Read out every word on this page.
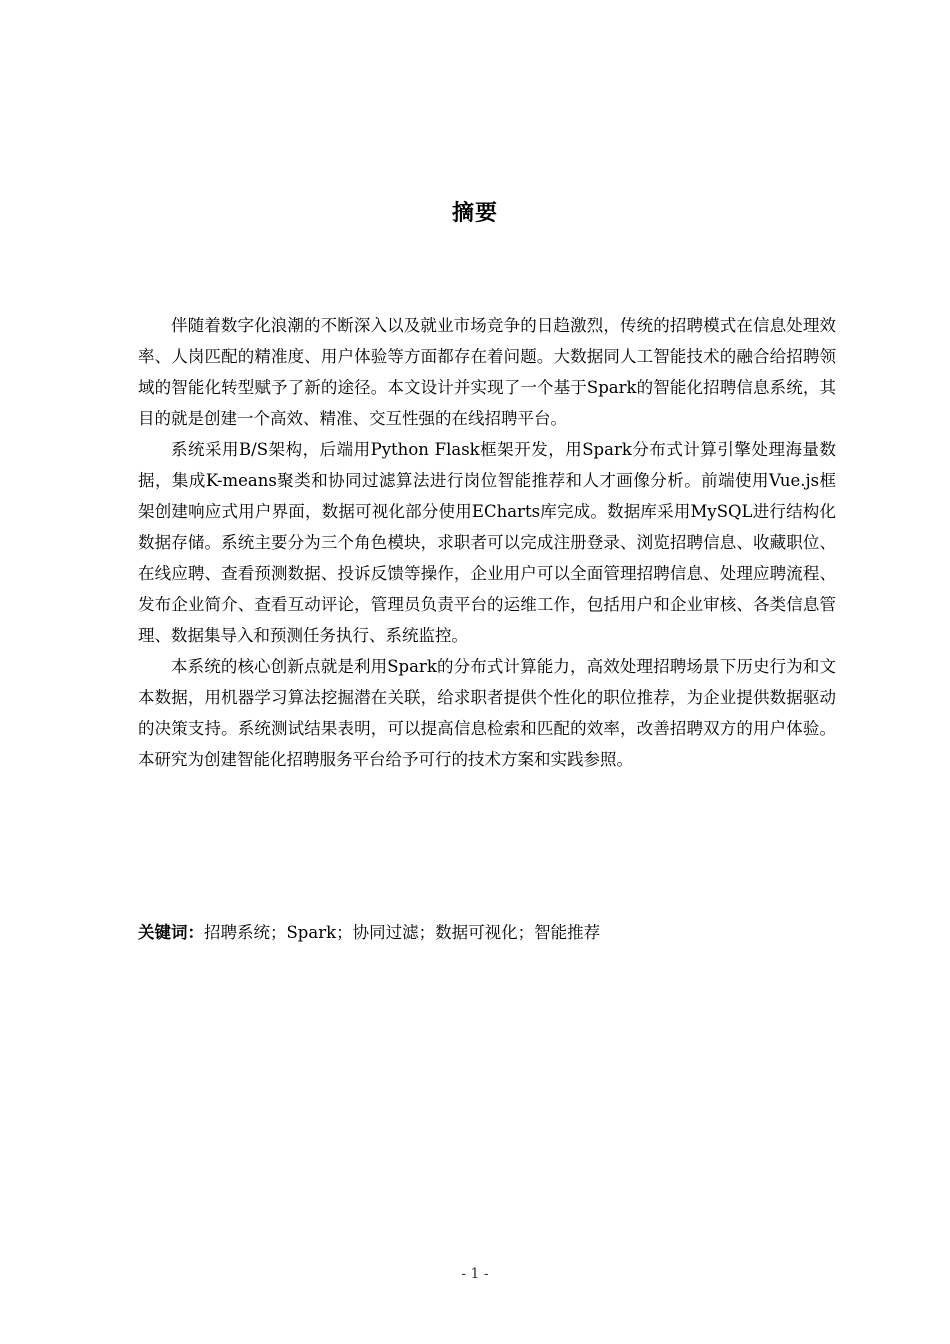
摘要

伴随着数字化浪潮的不断深入以及就业市场竞争的日趋激烈，传统的招聘模式在信息处理效率、人岗匹配的精准度、用户体验等方面都存在着问题。大数据同人工智能技术的融合给招聘领域的智能化转型赋予了新的途径。本文设计并实现了一个基于Spark的智能化招聘信息系统，其目的就是创建一个高效、精准、交互性强的在线招聘平台。

系统采用B/S架构，后端用Python Flask框架开发，用Spark分布式计算引擎处理海量数据，集成K-means聚类和协同过滤算法进行岗位智能推荐和人才画像分析。前端使用Vue.js框架创建响应式用户界面，数据可视化部分使用ECharts库完成。数据库采用MySQL进行结构化数据存储。系统主要分为三个角色模块，求职者可以完成注册登录、浏览招聘信息、收藏职位、在线应聘、查看预测数据、投诉反馈等操作，企业用户可以全面管理招聘信息、处理应聘流程、发布企业简介、查看互动评论，管理员负责平台的运维工作，包括用户和企业审核、各类信息管理、数据集导入和预测任务执行、系统监控。

本系统的核心创新点就是利用Spark的分布式计算能力，高效处理招聘场景下历史行为和文本数据，用机器学习算法挖掘潜在关联，给求职者提供个性化的职位推荐，为企业提供数据驱动的决策支持。系统测试结果表明，可以提高信息检索和匹配的效率，改善招聘双方的用户体验。本研究为创建智能化招聘服务平台给予可行的技术方案和实践参照。

关键词：招聘系统；Spark；协同过滤；数据可视化；智能推荐
- 1 -
